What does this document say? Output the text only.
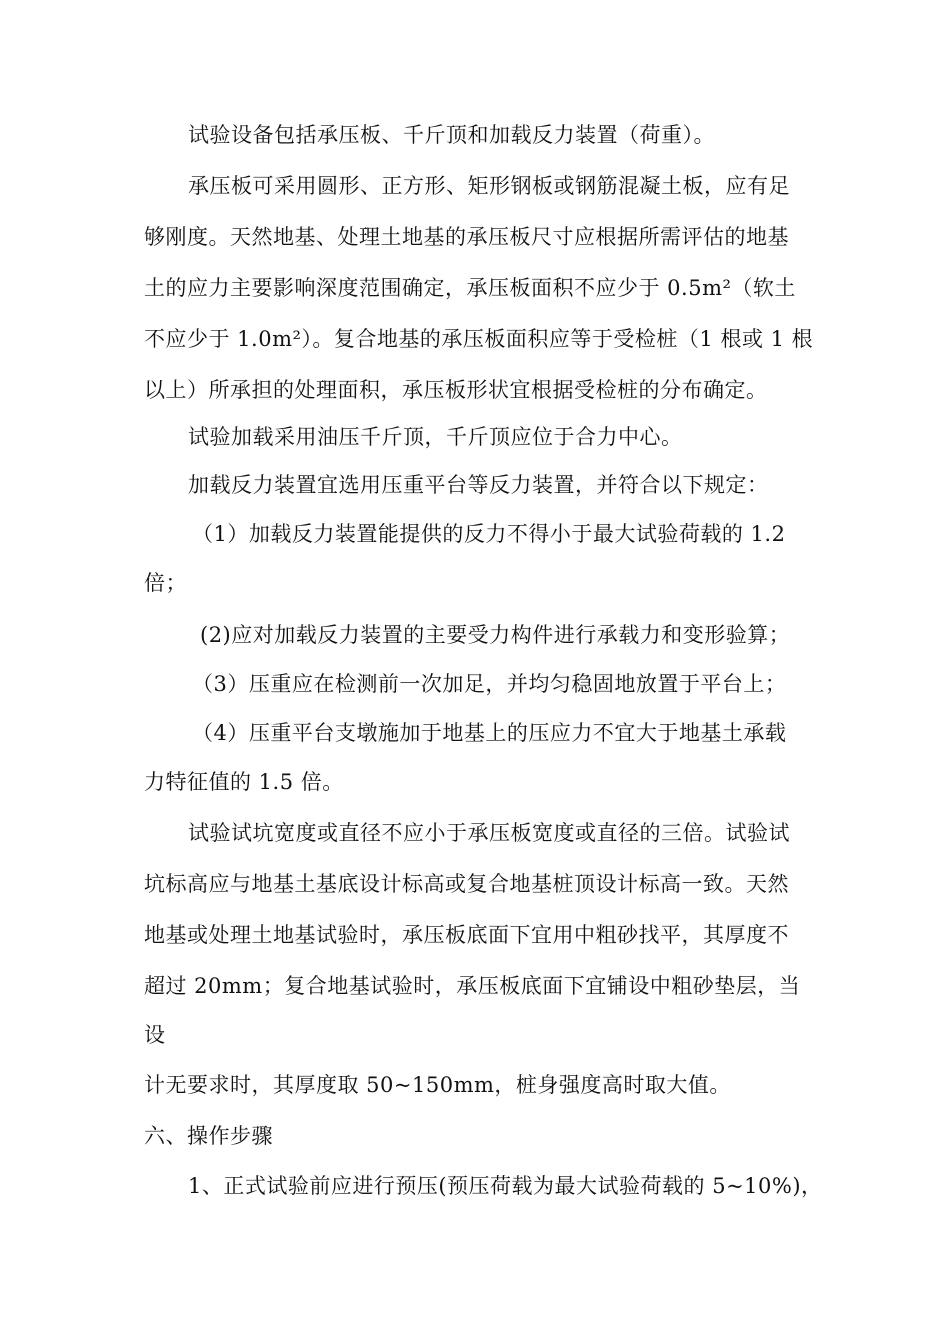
试验设备包括承压板、千斤顶和加载反力装置（荷重）。
承压板可采用圆形、正方形、矩形钢板或钢筋混凝土板，应有足
够刚度。天然地基、处理土地基的承压板尺寸应根据所需评估的地基
土的应力主要影响深度范围确定，承压板面积不应少于 0.5m²（软土
不应少于 1.0m²）。复合地基的承压板面积应等于受检桩（1 根或 1 根
以上）所承担的处理面积，承压板形状宜根据受检桩的分布确定。
试验加载采用油压千斤顶，千斤顶应位于合力中心。
加载反力装置宜选用压重平台等反力装置，并符合以下规定：
（1）加载反力装置能提供的反力不得小于最大试验荷载的 1.2
倍；
(2)应对加载反力装置的主要受力构件进行承载力和变形验算；
（3）压重应在检测前一次加足，并均匀稳固地放置于平台上；
（4）压重平台支墩施加于地基上的压应力不宜大于地基土承载
力特征值的 1.5 倍。
试验试坑宽度或直径不应小于承压板宽度或直径的三倍。试验试
坑标高应与地基土基底设计标高或复合地基桩顶设计标高一致。天然
地基或处理土地基试验时，承压板底面下宜用中粗砂找平，其厚度不
超过 20mm；复合地基试验时，承压板底面下宜铺设中粗砂垫层，当
设
计无要求时，其厚度取 50~150mm，桩身强度高时取大值。
六、操作步骤
1、正式试验前应进行预压(预压荷载为最大试验荷载的 5~10%)，
